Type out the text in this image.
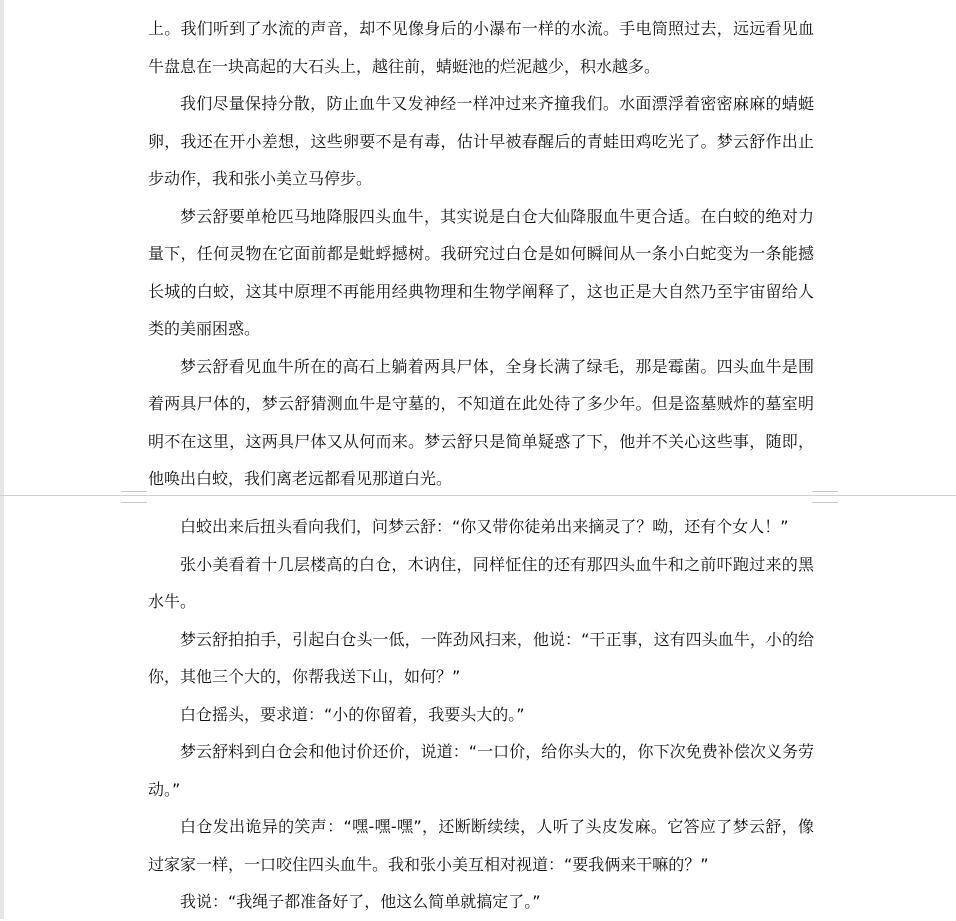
上。我们听到了水流的声音，却不见像身后的小瀑布一样的水流。手电筒照过去，远远看见血牛盘息在一块高起的大石头上，越往前，蜻蜓池的烂泥越少，积水越多。

我们尽量保持分散，防止血牛又发神经一样冲过来齐撞我们。水面漂浮着密密麻麻的蜻蜓卵，我还在开小差想，这些卵要不是有毒，估计早被春醒后的青蛙田鸡吃光了。梦云舒作出止步动作，我和张小美立马停步。

梦云舒要单枪匹马地降服四头血牛，其实说是白仓大仙降服血牛更合适。在白蛟的绝对力量下，任何灵物在它面前都是蚍蜉撼树。我研究过白仓是如何瞬间从一条小白蛇变为一条能撼长城的白蛟，这其中原理不再能用经典物理和生物学阐释了，这也正是大自然乃至宇宙留给人类的美丽困惑。

梦云舒看见血牛所在的高石上躺着两具尸体，全身长满了绿毛，那是霉菌。四头血牛是围着两具尸体的，梦云舒猜测血牛是守墓的，不知道在此处待了多少年。但是盗墓贼炸的墓室明明不在这里，这两具尸体又从何而来。梦云舒只是简单疑惑了下，他并不关心这些事，随即，他唤出白蛟，我们离老远都看见那道白光。

白蛟出来后扭头看向我们，问梦云舒：“你又带你徒弟出来摘灵了？呦，还有个女人！”

张小美看着十几层楼高的白仓，木讷住，同样怔住的还有那四头血牛和之前吓跑过来的黑水牛。

梦云舒拍拍手，引起白仓头一低，一阵劲风扫来，他说：“干正事，这有四头血牛，小的给你，其他三个大的，你帮我送下山，如何？”

白仓摇头，要求道：“小的你留着，我要头大的。”

梦云舒料到白仓会和他讨价还价，说道：“一口价，给你头大的，你下次免费补偿次义务劳动。”

白仓发出诡异的笑声：“嘿-嘿-嘿”，还断断续续，人听了头皮发麻。它答应了梦云舒，像过家家一样，一口咬住四头血牛。我和张小美互相对视道：“要我俩来干嘛的？”

我说：“我绳子都准备好了，他这么简单就搞定了。”
